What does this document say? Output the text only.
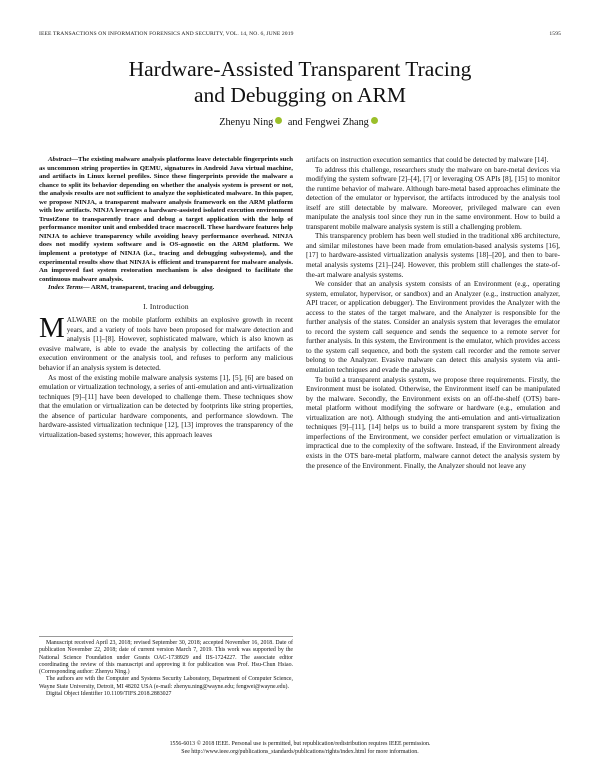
IEEE TRANSACTIONS ON INFORMATION FORENSICS AND SECURITY, VOL. 14, NO. 6, JUNE 2019	1595
Hardware-Assisted Transparent Tracing
and Debugging on ARM
Zhenyu Ning and Fengwei Zhang

Abstract—The existing malware analysis platforms leave detectable fingerprints such as uncommon string properties in QEMU, signatures in Android Java virtual machine, and artifacts in Linux kernel profiles. Since these fingerprints provide the malware a chance to split its behavior depending on whether the analysis system is present or not, the analysis results are not sufficient to analyze the sophisticated malware. In this paper, we propose NINJA, a transparent malware analysis framework on the ARM platform with low artifacts. NINJA leverages a hardware-assisted isolated execution environment TrustZone to transparently trace and debug a target application with the help of performance monitor unit and embedded trace macrocell. These hardware features help NINJA to achieve transparency while avoiding heavy performance overhead. NINJA does not modify system software and is OS-agnostic on the ARM platform. We implement a prototype of NINJA (i.e., tracing and debugging subsystems), and the experimental results show that NINJA is efficient and transparent for malware analysis. An improved fast system restoration mechanism is also designed to facilitate the continuous malware analysis.

Index Terms— ARM, transparent, tracing and debugging.

I. Introduction

MALWARE on the mobile platform exhibits an explosive growth in recent years, and a variety of tools have been proposed for malware detection and analysis [1]–[8]. However, sophisticated malware, which is also known as evasive malware, is able to evade the analysis by collecting the artifacts of the execution environment or the analysis tool, and refuses to perform any malicious behavior if an analysis system is detected.

As most of the existing mobile malware analysis systems [1], [5], [6] are based on emulation or virtualization technology, a series of anti-emulation and anti-virtualization techniques [9]–[11] have been developed to challenge them. These techniques show that the emulation or virtualization can be detected by footprints like string properties, the absence of particular hardware components, and performance slowdown. The hardware-assisted virtualization technique [12], [13] improves the transparency of the virtualization-based systems; however, this approach leaves

artifacts on instruction execution semantics that could be detected by malware [14].

To address this challenge, researchers study the malware on bare-metal devices via modifying the system software [2]–[4], [7] or leveraging OS APIs [8], [15] to monitor the runtime behavior of malware. Although bare-metal based approaches eliminate the detection of the emulator or hypervisor, the artifacts introduced by the analysis tool itself are still detectable by malware. Moreover, privileged malware can even manipulate the analysis tool since they run in the same environment. How to build a transparent mobile malware analysis system is still a challenging problem.

This transparency problem has been well studied in the traditional x86 architecture, and similar milestones have been made from emulation-based analysis systems [16], [17] to hardware-assisted virtualization analysis systems [18]–[20], and then to bare-metal analysis systems [21]–[24]. However, this problem still challenges the state-of-the-art malware analysis systems.

We consider that an analysis system consists of an Environment (e.g., operating system, emulator, hypervisor, or sandbox) and an Analyzer (e.g., instruction analyzer, API tracer, or application debugger). The Environment provides the Analyzer with the access to the states of the target malware, and the Analyzer is responsible for the further analysis of the states. Consider an analysis system that leverages the emulator to record the system call sequence and sends the sequence to a remote server for further analysis. In this system, the Environment is the emulator, which provides access to the system call sequence, and both the system call recorder and the remote server belong to the Analyzer. Evasive malware can detect this analysis system via anti-emulation techniques and evade the analysis.

To build a transparent analysis system, we propose three requirements. Firstly, the Environment must be isolated. Otherwise, the Environment itself can be manipulated by the malware. Secondly, the Environment exists on an off-the-shelf (OTS) bare-metal platform without modifying the software or hardware (e.g., emulation and virtualization are not). Although studying the anti-emulation and anti-virtualization techniques [9]–[11], [14] helps us to build a more transparent system by fixing the imperfections of the Environment, we consider perfect emulation or virtualization is impractical due to the complexity of the software. Instead, if the Environment already exists in the OTS bare-metal platform, malware cannot detect the analysis system by the presence of the Environment. Finally, the Analyzer should not leave any

Manuscript received April 23, 2018; revised September 30, 2018; accepted November 16, 2018. Date of publication November 22, 2018; date of current version March 7, 2019. This work was supported by the National Science Foundation under Grants OAC-1738929 and IIS-1724227. The associate editor coordinating the review of this manuscript and approving it for publication was Prof. Hsu-Chun Hsiao. (Corresponding author: Zhenyu Ning.)

The authors are with the Computer and Systems Security Laboratory, Department of Computer Science, Wayne State University, Detroit, MI 48202 USA (e-mail: zhenyu.ning@wayne.edu; fengwei@wayne.edu).

Digital Object Identifier 10.1109/TIFS.2018.2883027

1556-6013 © 2018 IEEE. Personal use is permitted, but republication/redistribution requires IEEE permission.
See http://www.ieee.org/publications_standards/publications/rights/index.html for more information.
